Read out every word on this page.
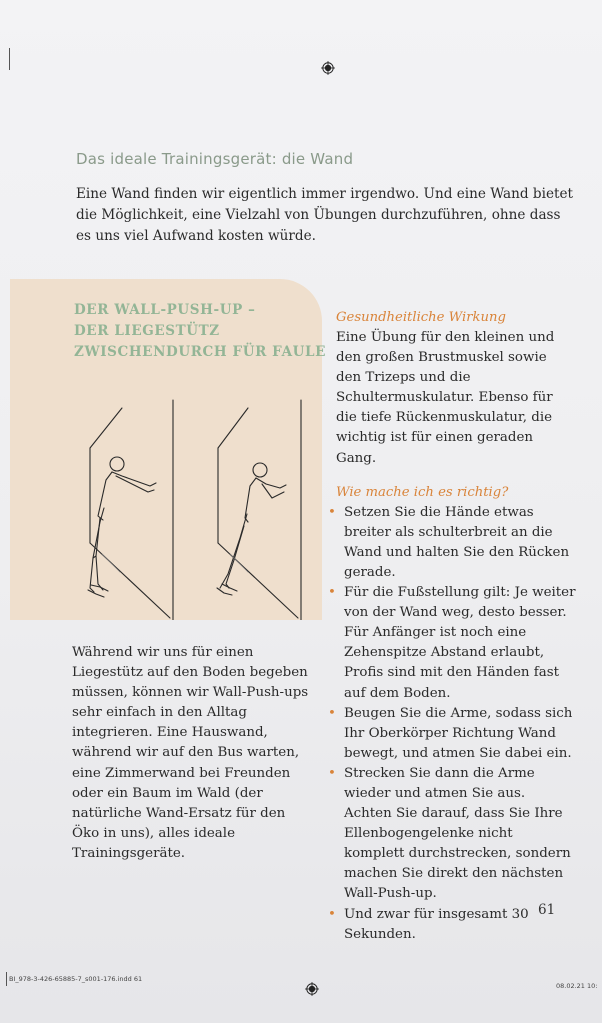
Das ideale Trainingsgerät: die Wand
Eine Wand finden wir eigentlich immer irgendwo. Und eine Wand bietet die Möglichkeit, eine Vielzahl von Übungen durchzuführen, ohne dass es uns viel Aufwand kosten würde.
DER WALL-PUSH-UP –
DER LIEGESTÜTZ
ZWISCHENDURCH FÜR FAULE
Während wir uns für einen Liegestütz auf den Boden begeben müssen, können wir Wall-Push-ups sehr einfach in den Alltag integrieren. Eine Hauswand, während wir auf den Bus warten, eine Zimmerwand bei Freunden oder ein Baum im Wald (der natürliche Wand-Ersatz für den Öko in uns), alles ideale Trainingsgeräte.
Gesundheitliche Wirkung

Eine Übung für den kleinen und den großen Brustmuskel sowie den Trizeps und die Schultermuskulatur. Ebenso für die tiefe Rückenmuskulatur, die wichtig ist für einen geraden Gang.

Wie mache ich es richtig?
• Setzen Sie die Hände etwas breiter als schulterbreit an die Wand und halten Sie den Rücken gerade.
• Für die Fußstellung gilt: Je weiter von der Wand weg, desto besser. Für Anfänger ist noch eine Zehenspitze Abstand erlaubt, Profis sind mit den Händen fast auf dem Boden.
• Beugen Sie die Arme, sodass sich Ihr Oberkörper Richtung Wand bewegt, und atmen Sie dabei ein.
• Strecken Sie dann die Arme wieder und atmen Sie aus. Achten Sie darauf, dass Sie Ihre Ellenbogengelenke nicht komplett durchstrecken, sondern machen Sie direkt den nächsten Wall-Push-up.
• Und zwar für insgesamt 30 Sekunden.
61
BI_978-3-426-65885-7_s001-176.indd 61
08.02.21 10:
